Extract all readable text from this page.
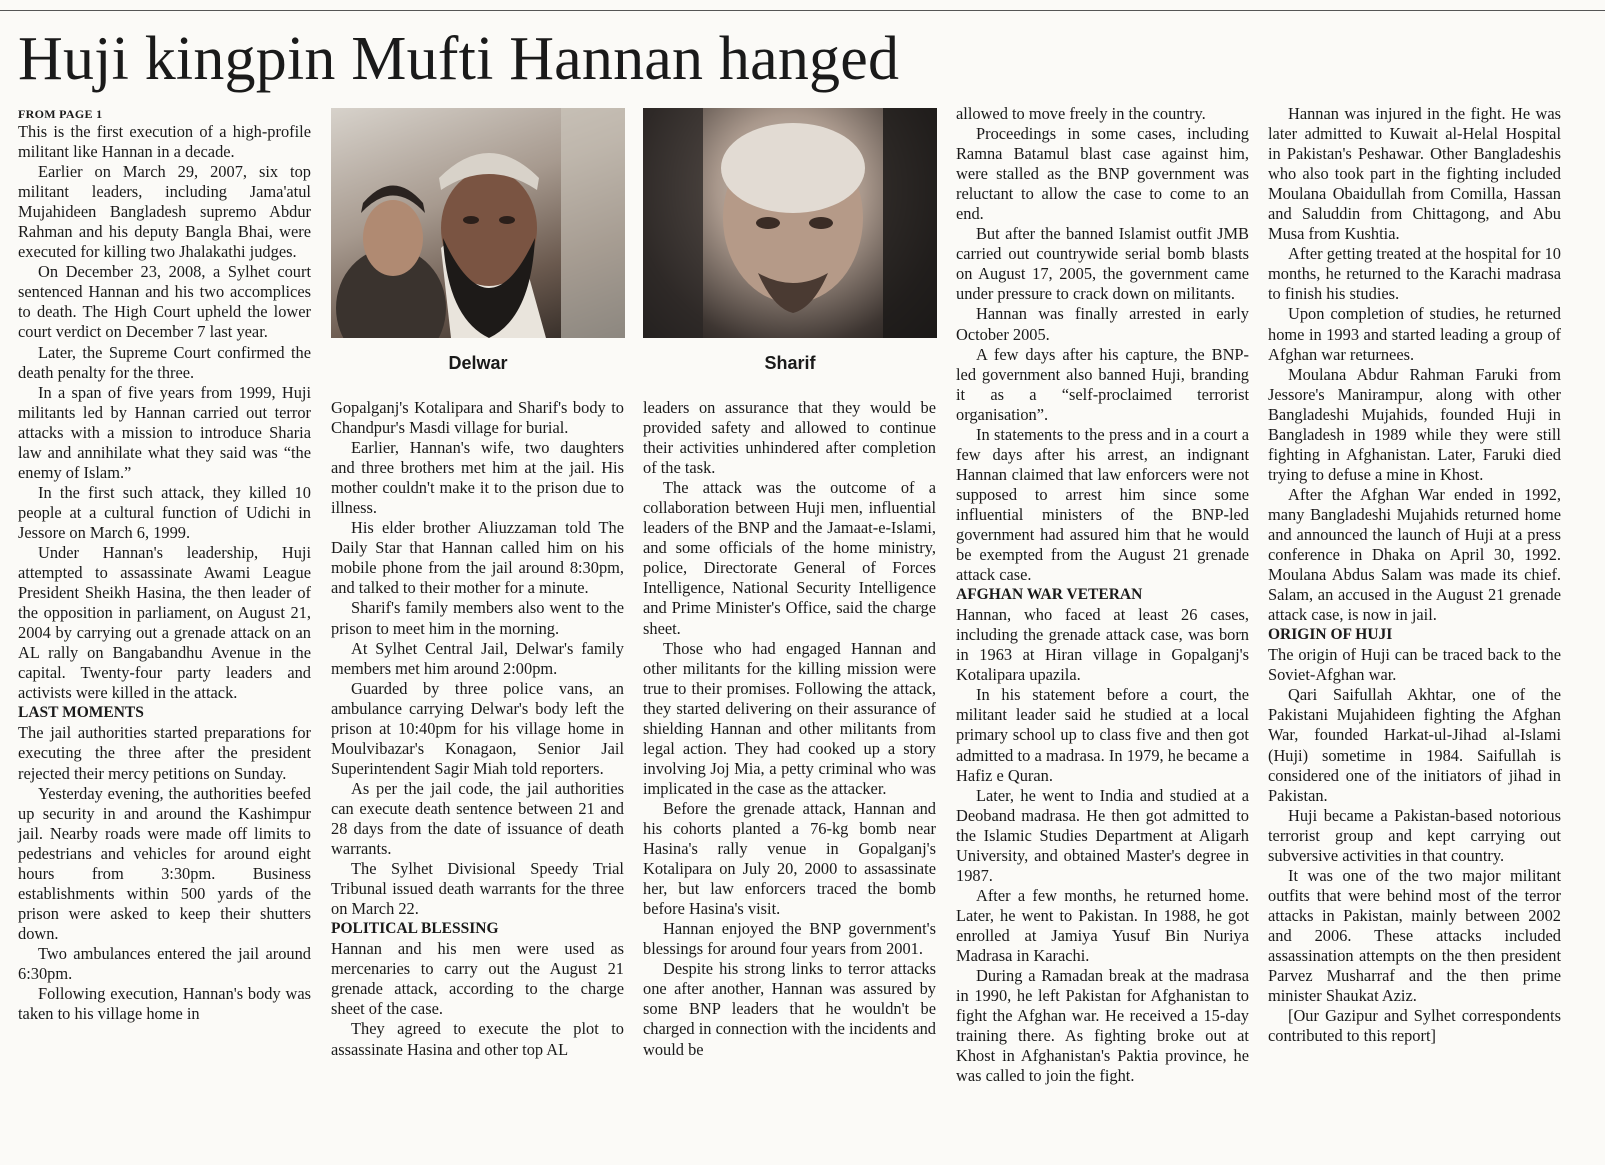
Huji kingpin Mufti Hannan hanged

FROM PAGE 1

This is the first execution of a high-profile militant like Hannan in a decade.

Earlier on March 29, 2007, six top militant leaders, including Jama'atul Mujahideen Bangladesh supremo Abdur Rahman and his deputy Bangla Bhai, were executed for killing two Jhalakathi judges.

On December 23, 2008, a Sylhet court sentenced Hannan and his two accomplices to death. The High Court upheld the lower court verdict on December 7 last year.

Later, the Supreme Court confirmed the death penalty for the three.

In a span of five years from 1999, Huji militants led by Hannan carried out terror attacks with a mission to introduce Sharia law and annihilate what they said was “the enemy of Islam.”

In the first such attack, they killed 10 people at a cultural function of Udichi in Jessore on March 6, 1999.

Under Hannan's leadership, Huji attempted to assassinate Awami League President Sheikh Hasina, the then leader of the opposition in parliament, on August 21, 2004 by carrying out a grenade attack on an AL rally on Bangabandhu Avenue in the capital. Twenty-four party leaders and activists were killed in the attack.

LAST MOMENTS

The jail authorities started preparations for executing the three after the president rejected their mercy petitions on Sunday.

Yesterday evening, the authorities beefed up security in and around the Kashimpur jail. Nearby roads were made off limits to pedestrians and vehicles for around eight hours from 3:30pm. Business establishments within 500 yards of the prison were asked to keep their shutters down.

Two ambulances entered the jail around 6:30pm.

Following execution, Hannan's body was taken to his village home in

Delwar	Sharif

Gopalganj's Kotalipara and Sharif's body to Chandpur's Masdi village for burial.

Earlier, Hannan's wife, two daughters and three brothers met him at the jail. His mother couldn't make it to the prison due to illness.

His elder brother Aliuzzaman told The Daily Star that Hannan called him on his mobile phone from the jail around 8:30pm, and talked to their mother for a minute.

Sharif's family members also went to the prison to meet him in the morning.

At Sylhet Central Jail, Delwar's family members met him around 2:00pm.

Guarded by three police vans, an ambulance carrying Delwar's body left the prison at 10:40pm for his village home in Moulvibazar's Konagaon, Senior Jail Superintendent Sagir Miah told reporters.

As per the jail code, the jail authorities can execute death sentence between 21 and 28 days from the date of issuance of death warrants.

The Sylhet Divisional Speedy Trial Tribunal issued death warrants for the three on March 22.

POLITICAL BLESSING

Hannan and his men were used as mercenaries to carry out the August 21 grenade attack, according to the charge sheet of the case.

They agreed to execute the plot to assassinate Hasina and other top AL

leaders on assurance that they would be provided safety and allowed to continue their activities unhindered after completion of the task.

The attack was the outcome of a collaboration between Huji men, influential leaders of the BNP and the Jamaat-e-Islami, and some officials of the home ministry, police, Directorate General of Forces Intelligence, National Security Intelligence and Prime Minister's Office, said the charge sheet.

Those who had engaged Hannan and other militants for the killing mission were true to their promises. Following the attack, they started delivering on their assurance of shielding Hannan and other militants from legal action. They had cooked up a story involving Joj Mia, a petty criminal who was implicated in the case as the attacker.

Before the grenade attack, Hannan and his cohorts planted a 76-kg bomb near Hasina's rally venue in Gopalganj's Kotalipara on July 20, 2000 to assassinate her, but law enforcers traced the bomb before Hasina's visit.

Hannan enjoyed the BNP government's blessings for around four years from 2001.

Despite his strong links to terror attacks one after another, Hannan was assured by some BNP leaders that he wouldn't be charged in connection with the incidents and would be

allowed to move freely in the country.

Proceedings in some cases, including Ramna Batamul blast case against him, were stalled as the BNP government was reluctant to allow the case to come to an end.

But after the banned Islamist outfit JMB carried out countrywide serial bomb blasts on August 17, 2005, the government came under pressure to crack down on militants.

Hannan was finally arrested in early October 2005.

A few days after his capture, the BNP-led government also banned Huji, branding it as a “self-proclaimed terrorist organisation”.

In statements to the press and in a court a few days after his arrest, an indignant Hannan claimed that law enforcers were not supposed to arrest him since some influential ministers of the BNP-led government had assured him that he would be exempted from the August 21 grenade attack case.

AFGHAN WAR VETERAN

Hannan, who faced at least 26 cases, including the grenade attack case, was born in 1963 at Hiran village in Gopalganj's Kotalipara upazila.

In his statement before a court, the militant leader said he studied at a local primary school up to class five and then got admitted to a madrasa. In 1979, he became a Hafiz e Quran.

Later, he went to India and studied at a Deoband madrasa. He then got admitted to the Islamic Studies Department at Aligarh University, and obtained Master's degree in 1987.

After a few months, he returned home. Later, he went to Pakistan. In 1988, he got enrolled at Jamiya Yusuf Bin Nuriya Madrasa in Karachi.

During a Ramadan break at the madrasa in 1990, he left Pakistan for Afghanistan to fight the Afghan war. He received a 15-day training there. As fighting broke out at Khost in Afghanistan's Paktia province, he was called to join the fight.

Hannan was injured in the fight. He was later admitted to Kuwait al-Helal Hospital in Pakistan's Peshawar. Other Bangladeshis who also took part in the fighting included Moulana Obaidullah from Comilla, Hassan and Saluddin from Chittagong, and Abu Musa from Kushtia.

After getting treated at the hospital for 10 months, he returned to the Karachi madrasa to finish his studies.

Upon completion of studies, he returned home in 1993 and started leading a group of Afghan war returnees.

Moulana Abdur Rahman Faruki from Jessore's Manirampur, along with other Bangladeshi Mujahids, founded Huji in Bangladesh in 1989 while they were still fighting in Afghanistan. Later, Faruki died trying to defuse a mine in Khost.

After the Afghan War ended in 1992, many Bangladeshi Mujahids returned home and announced the launch of Huji at a press conference in Dhaka on April 30, 1992. Moulana Abdus Salam was made its chief. Salam, an accused in the August 21 grenade attack case, is now in jail.

ORIGIN OF HUJI

The origin of Huji can be traced back to the Soviet-Afghan war.

Qari Saifullah Akhtar, one of the Pakistani Mujahideen fighting the Afghan War, founded Harkat-ul-Jihad al-Islami (Huji) sometime in 1984. Saifullah is considered one of the initiators of jihad in Pakistan.

Huji became a Pakistan-based notorious terrorist group and kept carrying out subversive activities in that country.

It was one of the two major militant outfits that were behind most of the terror attacks in Pakistan, mainly between 2002 and 2006. These attacks included assassination attempts on the then president Parvez Musharraf and the then prime minister Shaukat Aziz.

[Our Gazipur and Sylhet correspondents contributed to this report]
